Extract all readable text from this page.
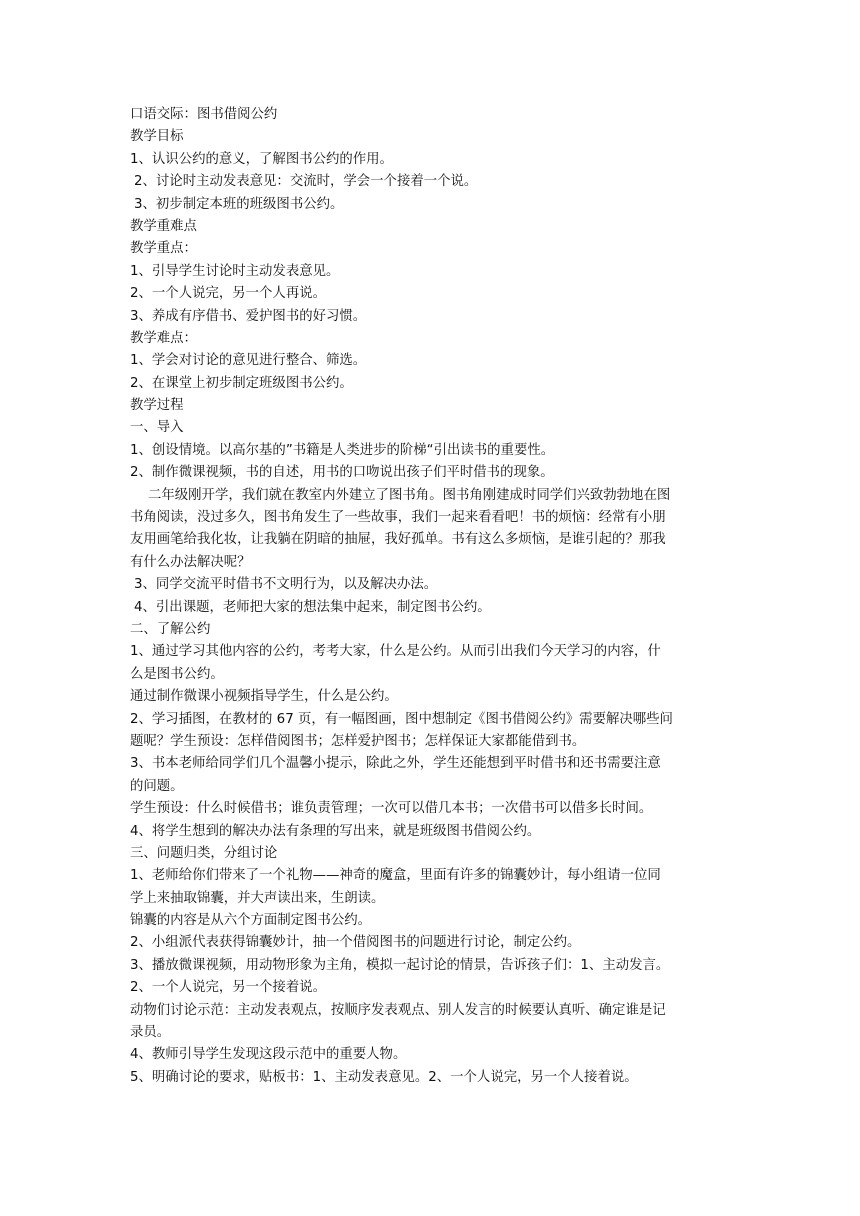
口语交际：图书借阅公约
教学目标
1、认识公约的意义，了解图书公约的作用。
2、讨论时主动发表意见：交流时，学会一个接着一个说。
3、初步制定本班的班级图书公约。
教学重难点
教学重点：
1、引导学生讨论时主动发表意见。
2、一个人说完，另一个人再说。
3、养成有序借书、爱护图书的好习惯。
教学难点：
1、学会对讨论的意见进行整合、筛选。
2、在课堂上初步制定班级图书公约。
教学过程
一、导入
1、创设情境。以高尔基的”书籍是人类进步的阶梯“引出读书的重要性。
2、制作微课视频，书的自述，用书的口吻说出孩子们平时借书的现象。
二年级刚开学，我们就在教室内外建立了图书角。图书角刚建成时同学们兴致勃勃地在图
书角阅读，没过多久，图书角发生了一些故事，我们一起来看看吧！书的烦恼：经常有小朋
友用画笔给我化妆，让我躺在阴暗的抽屉，我好孤单。书有这么多烦恼，是谁引起的？那我
有什么办法解决呢？
3、同学交流平时借书不文明行为，以及解决办法。
4、引出课题，老师把大家的想法集中起来，制定图书公约。
二、了解公约
1、通过学习其他内容的公约，考考大家，什么是公约。从而引出我们今天学习的内容，什
么是图书公约。
通过制作微课小视频指导学生，什么是公约。
2、学习插图，在教材的 67 页，有一幅图画，图中想制定《图书借阅公约》需要解决哪些问
题呢？学生预设：怎样借阅图书；怎样爱护图书；怎样保证大家都能借到书。
3、书本老师给同学们几个温馨小提示，除此之外，学生还能想到平时借书和还书需要注意
的问题。
学生预设：什么时候借书；谁负责管理；一次可以借几本书；一次借书可以借多长时间。
4、将学生想到的解决办法有条理的写出来，就是班级图书借阅公约。
三、问题归类，分组讨论
1、老师给你们带来了一个礼物——神奇的魔盒，里面有许多的锦囊妙计，每小组请一位同
学上来抽取锦囊，并大声读出来，生朗读。
锦囊的内容是从六个方面制定图书公约。
2、小组派代表获得锦囊妙计，抽一个借阅图书的问题进行讨论，制定公约。
3、播放微课视频，用动物形象为主角，模拟一起讨论的情景，告诉孩子们：1、主动发言。
2、一个人说完，另一个接着说。
动物们讨论示范：主动发表观点，按顺序发表观点、别人发言的时候要认真听、确定谁是记
录员。
4、教师引导学生发现这段示范中的重要人物。
5、明确讨论的要求，贴板书：1、主动发表意见。2、一个人说完，另一个人接着说。
